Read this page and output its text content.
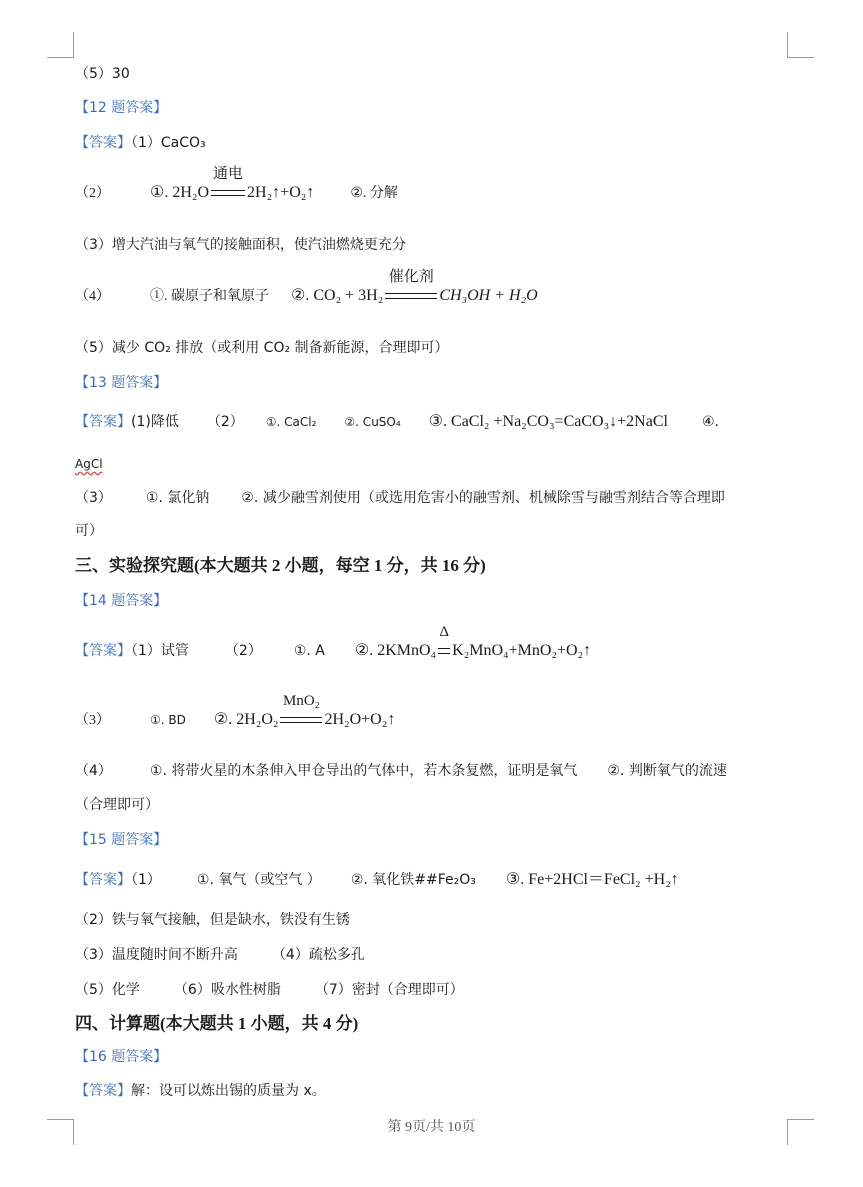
（5）30
【12 题答案】
【答案】（1）CaCO₃
（2）	①. 2H₂O
通电
2H₂↑+O₂↑	②. 分解
（3）增大汽油与氧气的接触面积，使汽油燃烧更充分
（4）	①. 碳原子和氧原子 ②. CO₂ + 3H₂
催化剂
CH₃OH + H₂O
（5）减少 CO₂ 排放（或利用 CO₂ 制备新能源，合理即可）
【13 题答案】
【答案】(1)降低 （2） ①. CaCl₂ ②. CuSO₄ ③. CaCl₂ +Na₂CO₃=CaCO₃↓+2NaCl ④.
AgCl
（3） ①. 氯化钠 ②. 减少融雪剂使用（或选用危害小的融雪剂、机械除雪与融雪剂结合等合理即
可）
三、实验探究题(本大题共 2 小题，每空 1 分，共 16 分)
【14 题答案】
【答案】（1）试管	（2） ①. A ②. 2KMnO₄
Δ
K₂MnO₄+MnO₂+O₂↑
（3）	①. BD ②. 2H₂O₂
MnO₂
2H₂O+O₂↑
（4）	①. 将带火星的木条伸入甲仓导出的气体中，若木条复燃，证明是氧气 ②. 判断氧气的流速
（合理即可）
【15 题答案】
【答案】（1）	①. 氧气（或空气 ） ②. 氧化铁##Fe₂O₃ ③. Fe+2HCl＝FeCl₂ +H₂↑
（2）铁与氧气接触，但是缺水，铁没有生锈
（3）温度随时间不断升高 （4）疏松多孔
（5）化学 （6）吸水性树脂 （7）密封（合理即可）
四、计算题(本大题共 1 小题，共 4 分)
【16 题答案】
【答案】解：设可以炼出锡的质量为 x。
第 9页/共 10页
